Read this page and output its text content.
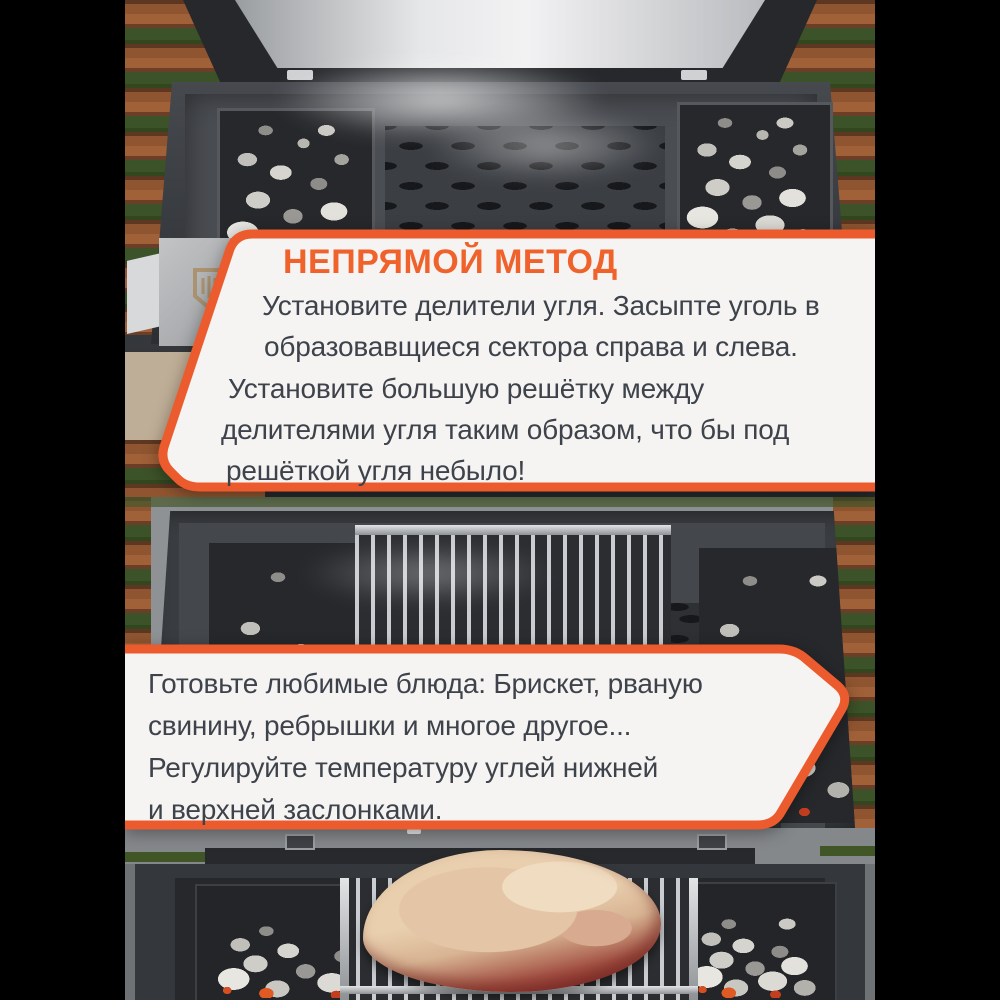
НЕПРЯМОЙ МЕТОД
Установите делители угля. Засыпте уголь в
образовавщиеся сектора справа и слева.
Установите большую решётку между
делителями угля таким образом, что бы под
решёткой угля небыло!
Готовьте любимые блюда: Брискет, рваную
свинину, ребрышки и многое другое...
Регулируйте температуру углей нижней
и верхней заслонками.
